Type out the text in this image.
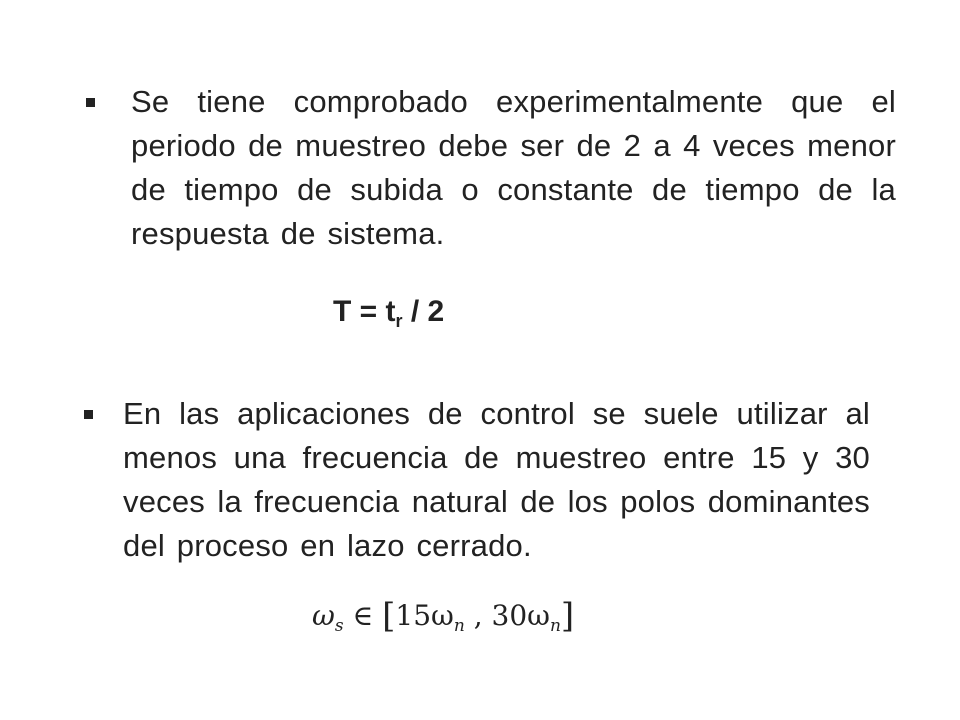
Se tiene comprobado experimentalmente que el periodo de muestreo debe ser de 2 a 4 veces menor de tiempo de subida o constante de tiempo de la respuesta de sistema.
$T = t_r / 2$
En las aplicaciones de control se suele utilizar al menos una frecuencia de muestreo entre 15 y 30 veces la frecuencia natural de los polos dominantes del proceso en lazo cerrado.
$\omega_s$ ∈ [$15\omega_n$ , $30\omega_n$]
